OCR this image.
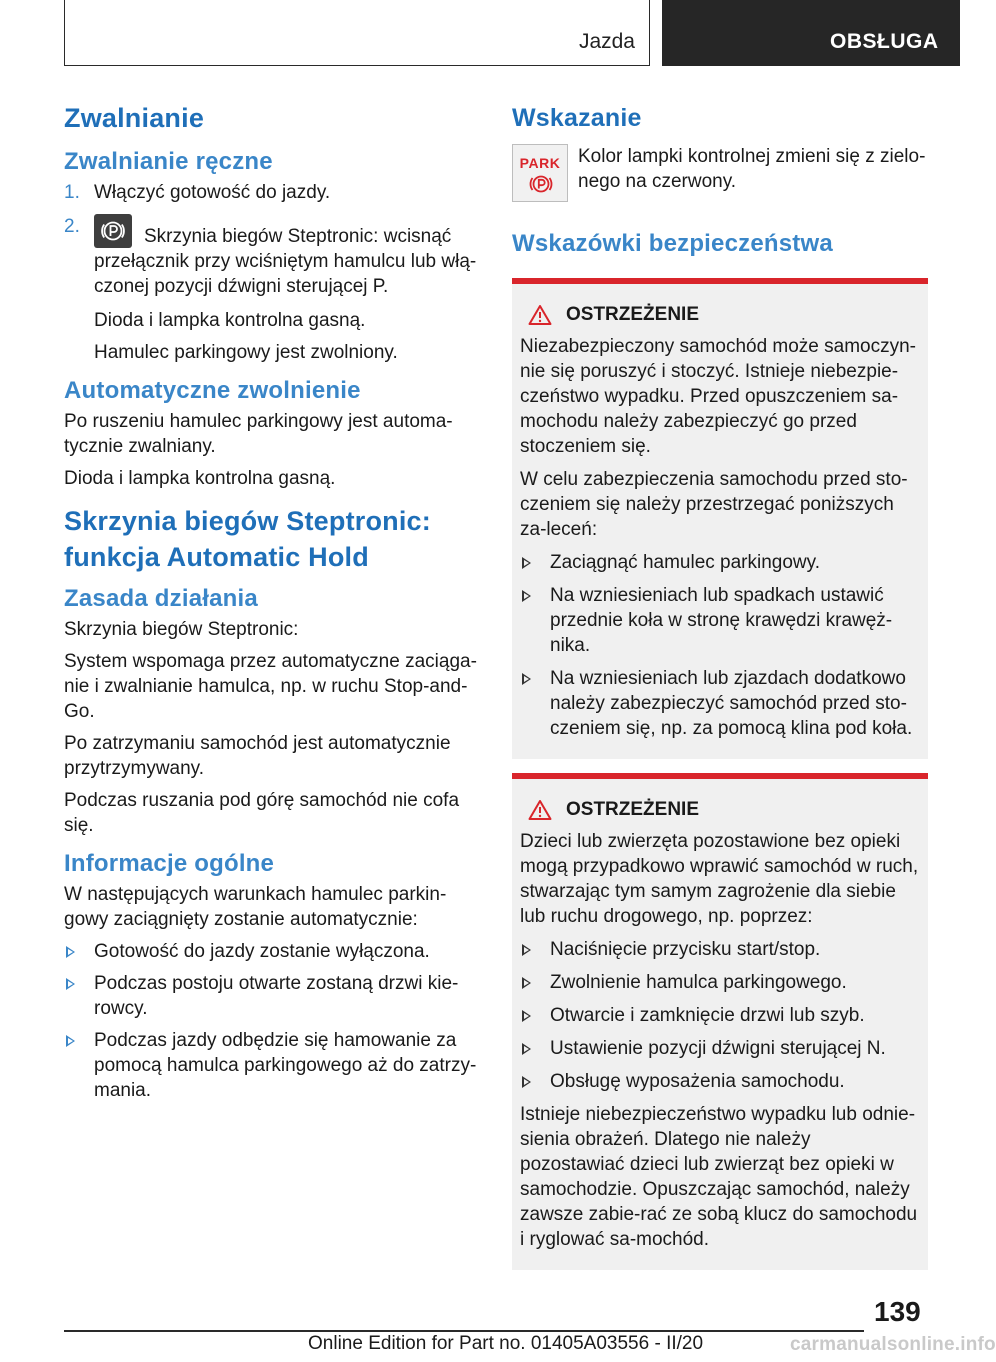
Jazda	OBSŁUGA
Zwalnianie
Zwalnianie ręczne
1. Włączyć gotowość do jazdy.
2.	Skrzynia biegów Steptronic: wcisnąć przełącznik przy wciśniętym hamulcu lub włą‐czonej pozycji dźwigni sterującej P.

Dioda i lampka kontrolna gasną.

Hamulec parkingowy jest zwolniony.

Automatyczne zwolnienie

Po ruszeniu hamulec parkingowy jest automa‐tycznie zwalniany.

Dioda i lampka kontrolna gasną.

Skrzynia biegów Steptronic: funkcja Automatic Hold
Zasada działania

Skrzynia biegów Steptronic:

System wspomaga przez automatyczne zaciąga‐nie i zwalnianie hamulca, np. w ruchu Stop-and-Go.

Po zatrzymaniu samochód jest automatycznie przytrzymywany.

Podczas ruszania pod górę samochód nie cofa się.

Informacje ogólne

W następujących warunkach hamulec parkin‐gowy zaciągnięty zostanie automatycznie:

Gotowość do jazdy zostanie wyłączona.
Podczas postoju otwarte zostaną drzwi kie‐rowcy.
Podczas jazdy odbędzie się hamowanie za pomocą hamulca parkingowego aż do zatrzy‐mania.
Wskazanie
PARK Kolor lampki kontrolnej zmieni się z zielo‐nego na czerwony.

Wskazówki bezpieczeństwa
OSTRZEŻENIE

Niezabezpieczony samochód może samoczyn‐nie się poruszyć i stoczyć. Istnieje niebezpie‐czeństwo wypadku. Przed opuszczeniem sa‐mochodu należy zabezpieczyć go przed stoczeniem się.

W celu zabezpieczenia samochodu przed sto‐czeniem się należy przestrzegać poniższych za‐leceń:

Zaciągnąć hamulec parkingowy.
Na wzniesieniach lub spadkach ustawić przednie koła w stronę krawędzi krawęż‐nika.
Na wzniesieniach lub zjazdach dodatkowo należy zabezpieczyć samochód przed sto‐czeniem się, np. za pomocą klina pod koła.
OSTRZEŻENIE

Dzieci lub zwierzęta pozostawione bez opieki mogą przypadkowo wprawić samochód w ruch, stwarzając tym samym zagrożenie dla siebie lub ruchu drogowego, np. poprzez:

Naciśnięcie przycisku start/stop.
Zwolnienie hamulca parkingowego.
Otwarcie i zamknięcie drzwi lub szyb.
Ustawienie pozycji dźwigni sterującej N.
Obsługę wyposażenia samochodu.

Istnieje niebezpieczeństwo wypadku lub odnie‐sienia obrażeń. Dlatego nie należy pozostawiać dzieci lub zwierząt bez opieki w samochodzie. Opuszczając samochód, należy zawsze zabie‐rać ze sobą klucz do samochodu i ryglować sa‐mochód.

139
Online Edition for Part no. 01405A03556 - II/20	carmanualsonline.info
